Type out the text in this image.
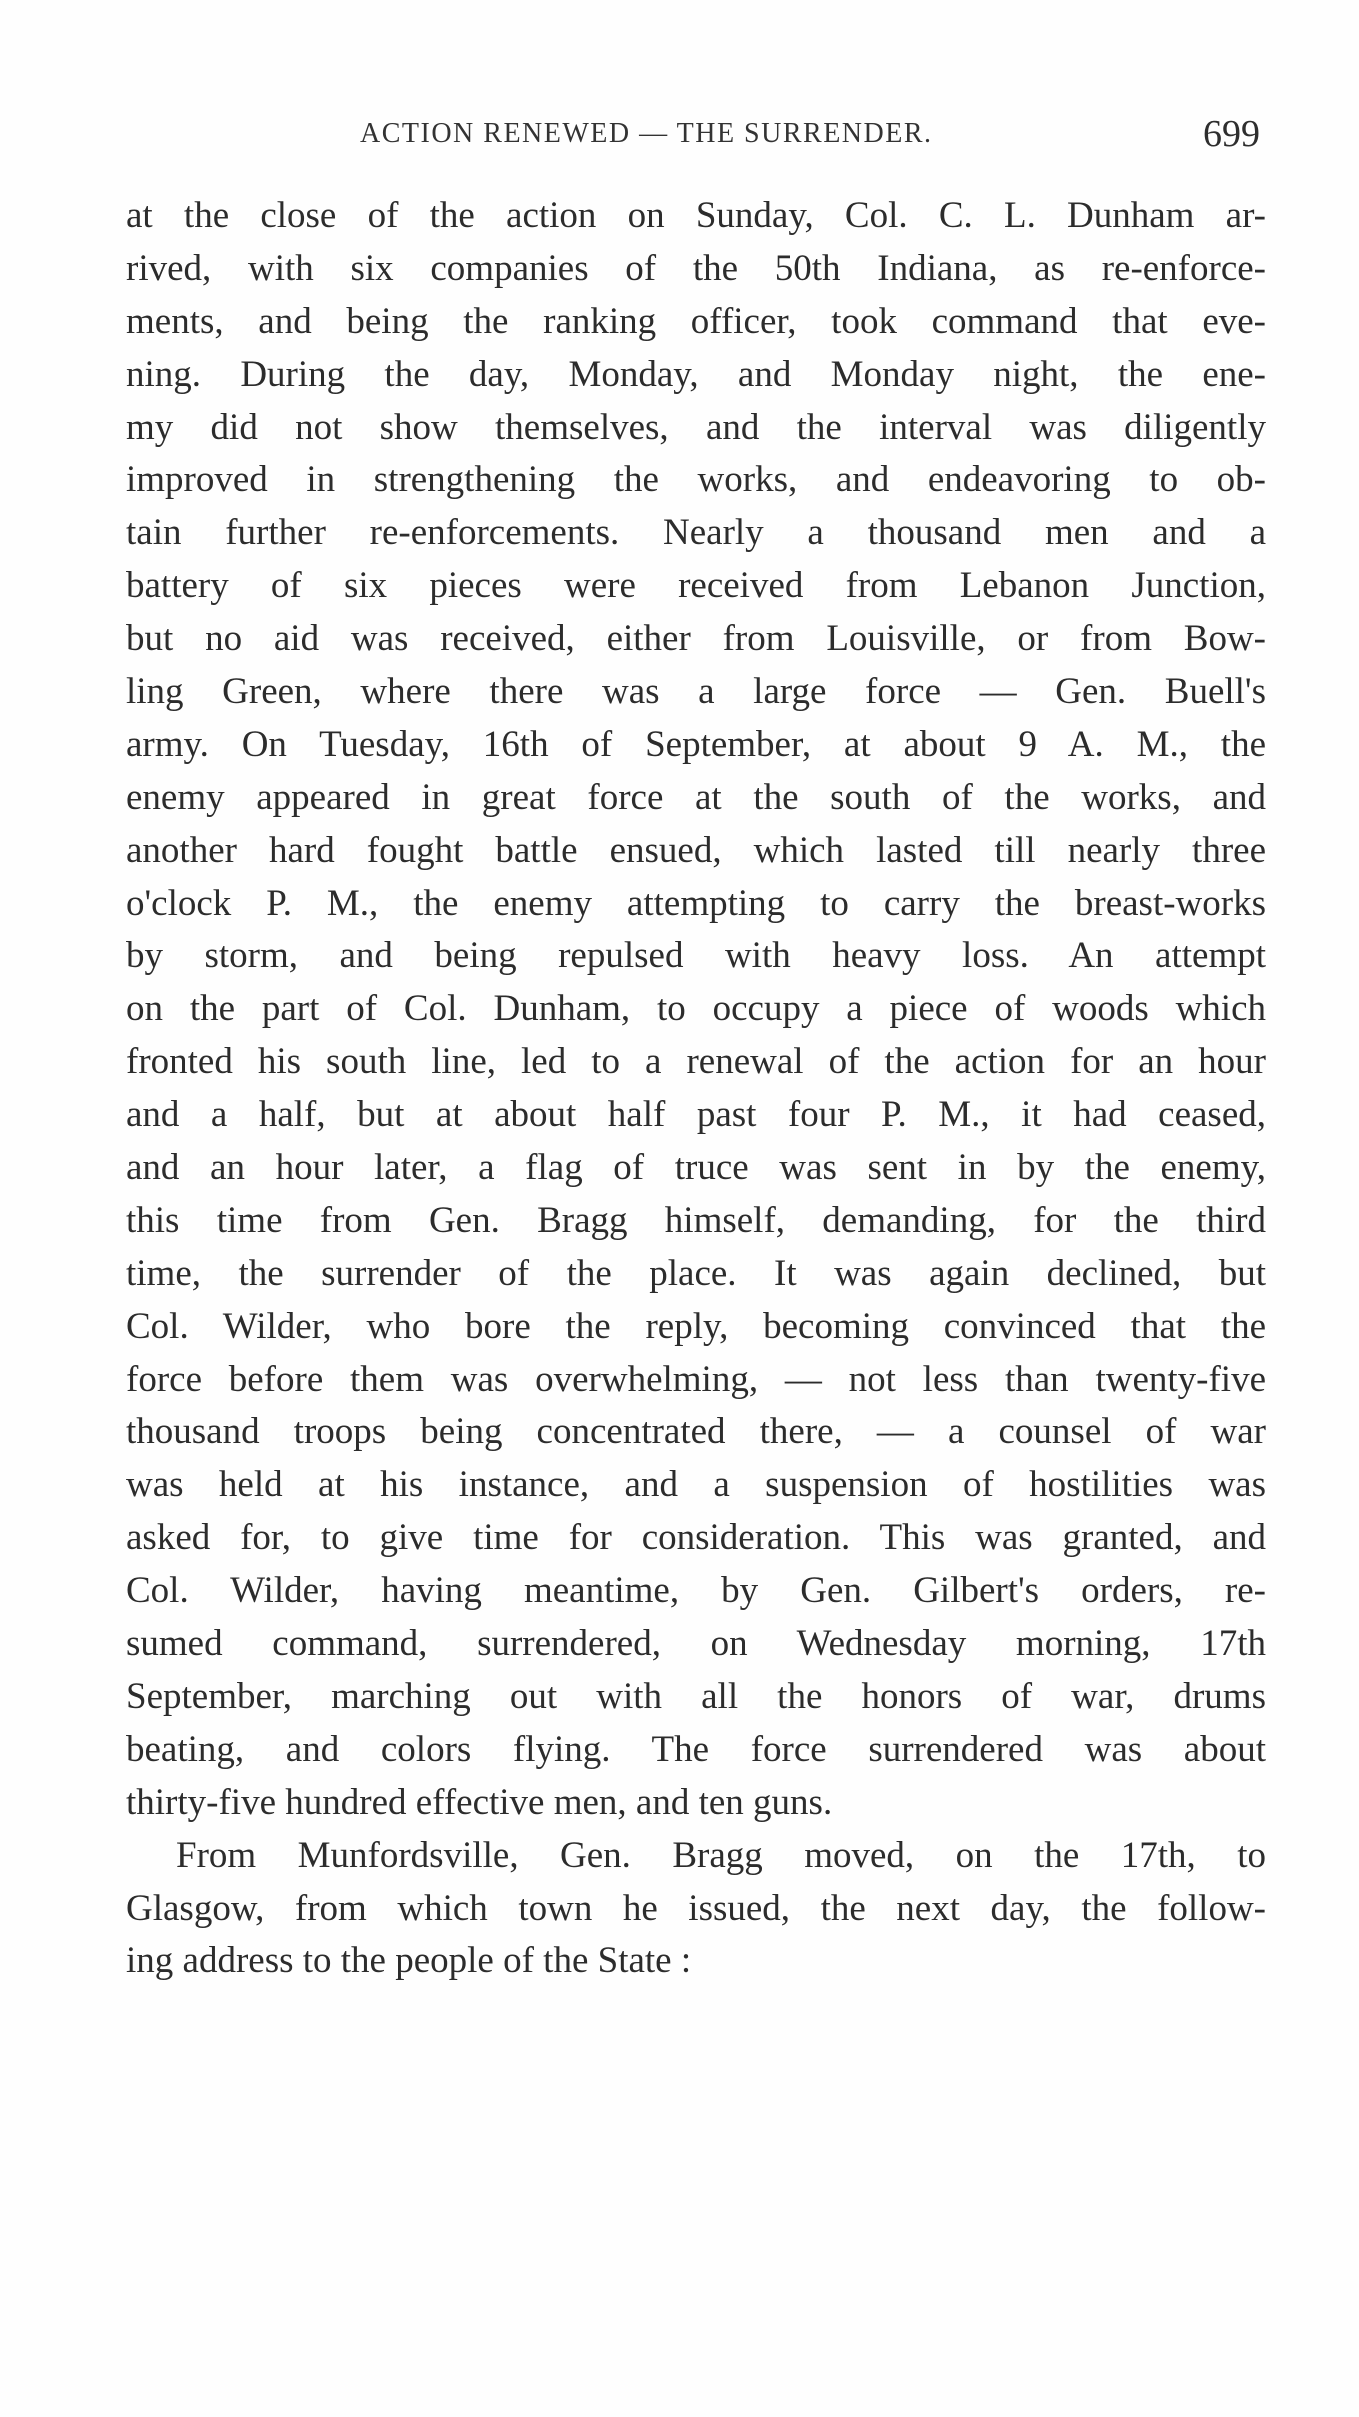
ACTION RENEWED — THE SURRENDER.	699
at the close of the action on Sunday, Col. C. L. Dunham ar-
rived, with six companies of the 50th Indiana, as re-enforce-
ments, and being the ranking officer, took command that eve-
ning. During the day, Monday, and Monday night, the ene-
my did not show themselves, and the interval was diligently
improved in strengthening the works, and endeavoring to ob-
tain further re-enforcements. Nearly a thousand men and a
battery of six pieces were received from Lebanon Junction,
but no aid was received, either from Louisville, or from Bow-
ling Green, where there was a large force — Gen. Buell's
army. On Tuesday, 16th of September, at about 9 A. M., the
enemy appeared in great force at the south of the works, and
another hard fought battle ensued, which lasted till nearly three
o'clock P. M., the enemy attempting to carry the breast-works
by storm, and being repulsed with heavy loss. An attempt
on the part of Col. Dunham, to occupy a piece of woods which
fronted his south line, led to a renewal of the action for an hour
and a half, but at about half past four P. M., it had ceased,
and an hour later, a flag of truce was sent in by the enemy,
this time from Gen. Bragg himself, demanding, for the third
time, the surrender of the place. It was again declined, but
Col. Wilder, who bore the reply, becoming convinced that the
force before them was overwhelming, — not less than twenty-five
thousand troops being concentrated there, — a counsel of war
was held at his instance, and a suspension of hostilities was
asked for, to give time for consideration. This was granted, and
Col. Wilder, having meantime, by Gen. Gilbert's orders, re-
sumed command, surrendered, on Wednesday morning, 17th
September, marching out with all the honors of war, drums
beating, and colors flying. The force surrendered was about
thirty-five hundred effective men, and ten guns.
From Munfordsville, Gen. Bragg moved, on the 17th, to
Glasgow, from which town he issued, the next day, the follow-
ing address to the people of the State :
